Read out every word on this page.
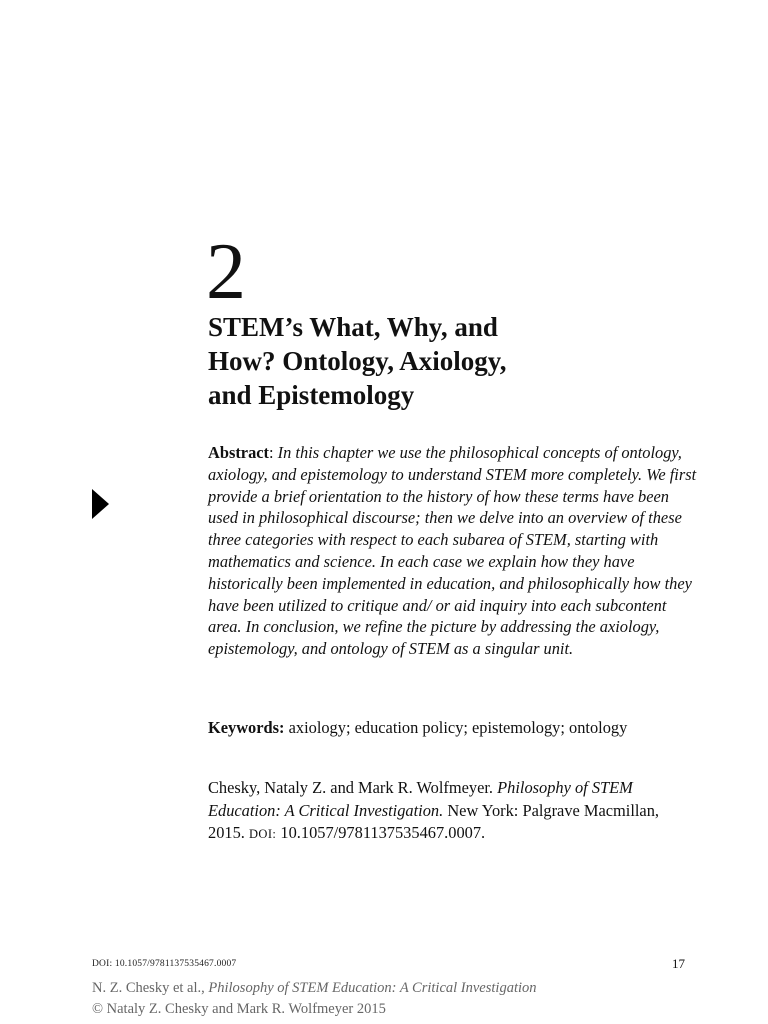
2
STEM’s What, Why, and
How? Ontology, Axiology,
and Epistemology

Abstract: In this chapter we use the philosophical concepts of ontology, axiology, and epistemology to understand STEM more completely. We first provide a brief orientation to the history of how these terms have been used in philosophical discourse; then we delve into an overview of these three categories with respect to each subarea of STEM, starting with mathematics and science. In each case we explain how they have historically been implemented in education, and philosophically how they have been utilized to critique and/ or aid inquiry into each subcontent area. In conclusion, we refine the picture by addressing the axiology, epistemology, and ontology of STEM as a singular unit.

Keywords: axiology; education policy; epistemology; ontology

Chesky, Nataly Z. and Mark R. Wolfmeyer. Philosophy of STEM Education: A Critical Investigation. New York: Palgrave Macmillan, 2015. DOI: 10.1057/9781137535467.0007.

DOI: 10.1057/9781137535467.0007	17
N. Z. Chesky et al., Philosophy of STEM Education: A Critical Investigation
© Nataly Z. Chesky and Mark R. Wolfmeyer 2015
